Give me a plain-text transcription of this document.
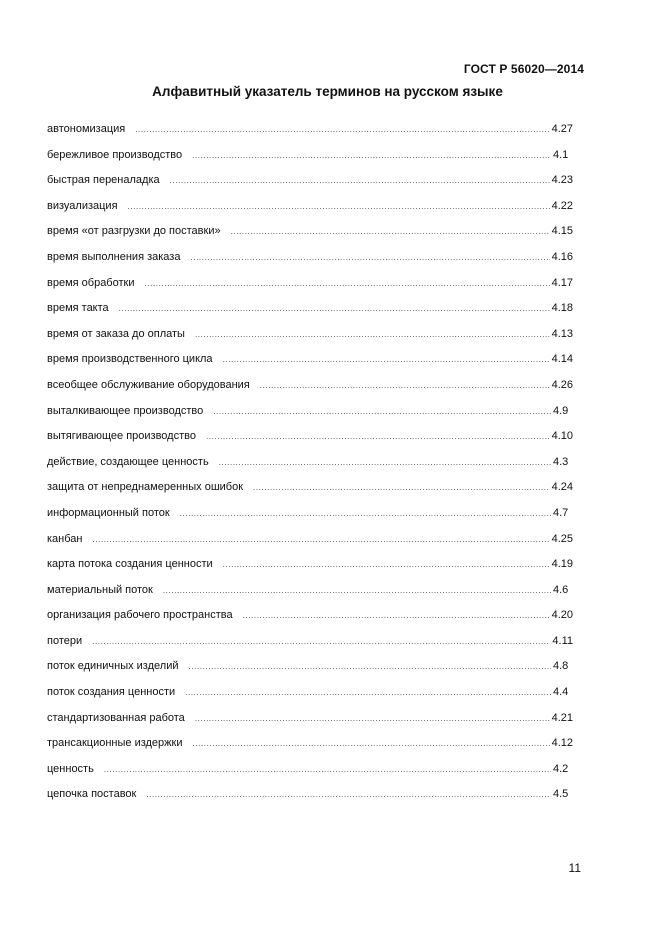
ГОСТ Р 56020—2014
Алфавитный указатель терминов на русском языке
автономизация .....	4.27
бережливое производство .....	4.1
быстрая переналадка .....	4.23
визуализация .....	4.22
время «от разгрузки до поставки» .....	4.15
время выполнения заказа .....	4.16
время обработки .....	4.17
время такта .....	4.18
время от заказа до оплаты .....	4.13
время производственного цикла .....	4.14
всеобщее обслуживание оборудования .....	4.26
выталкивающее производство .....	4.9
вытягивающее производство .....	4.10
действие, создающее ценность .....	4.3
защита от непреднамеренных ошибок .....	4.24
информационный поток .....	4.7
канбан .....	4.25
карта потока создания ценности .....	4.19
материальный поток .....	4.6
организация рабочего пространства .....	4.20
потери .....	4.11
поток единичных изделий .....	4.8
поток создания ценности .....	4.4
стандартизованная работа .....	4.21
трансакционные издержки .....	4.12
ценность .....	4.2
цепочка поставок .....	4.5
11
